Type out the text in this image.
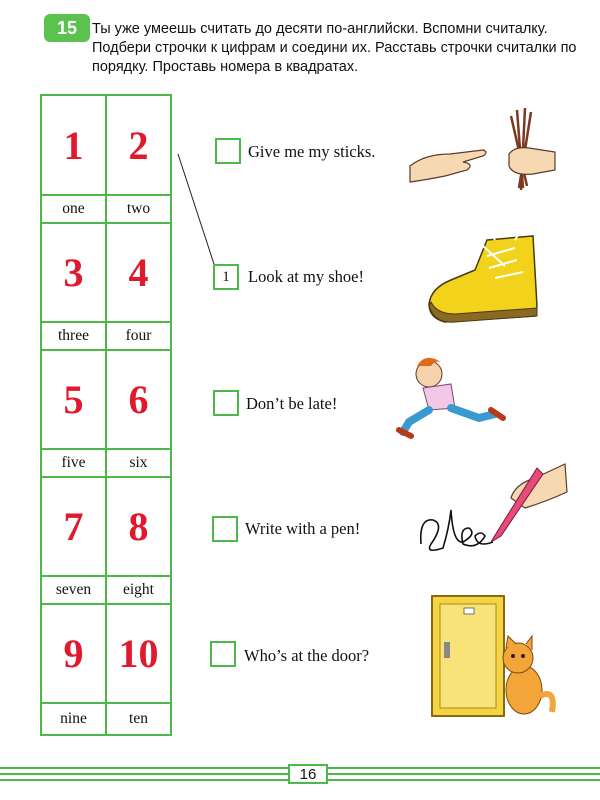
15	Ты уже умеешь считать до десяти по-английски. Вспомни считалку. Подбери строчки к цифрам и соедини их. Расставь строчки считалки по порядку. Проставь номера в квадратах.
1	2
one	two
3	4
three	four
5	6
five	six
7	8
seven	eight
9 10
nine	ten
Give me my sticks.
1	Look at my shoe!
Don’t be late!
Write with a pen!
Who’s at the door?
16
